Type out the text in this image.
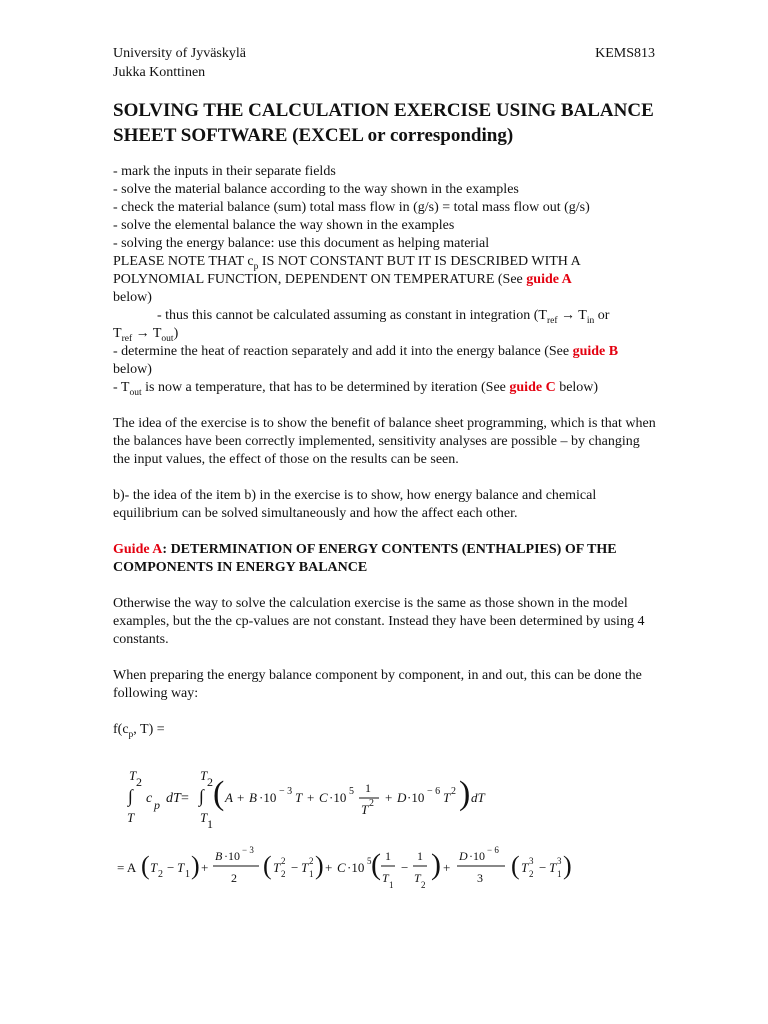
University of Jyväskylä
Jukka Konttinen
KEMS813
SOLVING THE CALCULATION EXERCISE USING BALANCE SHEET SOFTWARE (EXCEL or corresponding)

- mark the inputs in their separate fields

- solve the material balance according to the way shown in the examples

- check the material balance (sum) total mass flow in (g/s) = total mass flow out (g/s)

- solve the elemental balance the way shown in the examples

- solving the energy balance: use this document as helping material

PLEASE NOTE THAT $c_p$ IS NOT CONSTANT BUT IT IS DESCRIBED WITH A POLYNOMIAL FUNCTION, DEPENDENT ON TEMPERATURE (See guide A
below)

- thus this cannot be calculated assuming as constant in integration ($T_{ref} \to T_{in}$ or

$T_{ref} \to T_{out}$)

- determine the heat of reaction separately and add it into the energy balance (See guide B below)

- $T_{out}$ is now a temperature, that has to be determined by iteration (See guide C below)

The idea of the exercise is to show the benefit of balance sheet programming, which is that when the balances have been correctly implemented, sensitivity analyses are possible – by changing the input values, the effect of those on the results can be seen.

b)- the idea of the item b) in the exercise is to show, how energy balance and chemical equilibrium can be solved simultaneously and how the affect each other.

Guide A: DETERMINATION OF ENERGY CONTENTS (ENTHALPIES) OF THE COMPONENTS IN ENERGY BALANCE

Otherwise the way to solve the calculation exercise is the same as those shown in the model examples, but the the cp-values are not constant. Instead they have been determined by using 4 constants.

When preparing the energy balance component by component, in and out, this can be done the following way:

$f(c_p$, T) =

T 2
∫ c p dT =
T
T 2
∫
T 1
( A + B ·10 − 3 T + C ·10 5 1
T 2 + D ·10 − 6 T 2 ) dT
= A ( T 2 − T 1 ) +
B ·10 − 3
2 ( T 2
2 − T 2
1 ) + C ·10 5 ( 1
T 1
−
1
T 2
) +
D ·10 − 6
3 ( T 3
2 − T 3
1 )
